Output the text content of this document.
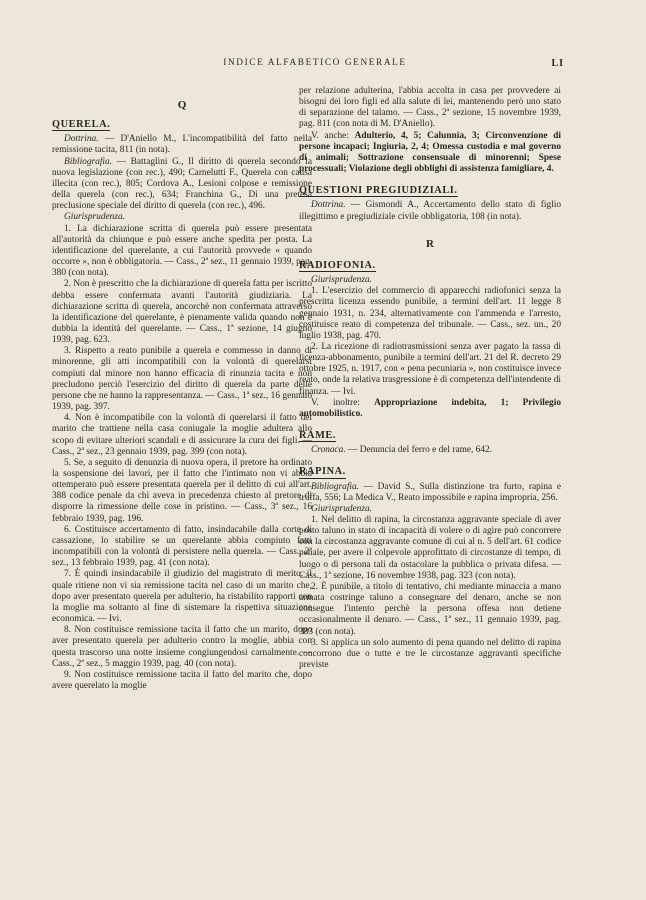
INDICE ALFABETICO GENERALE	LI
Q
QUERELA.

Dottrina. — D'Aniello M., L'incompatibilità del fatto nella remissione tacita, 811 (in nota).

Bibliografia. — Battaglini G., Il diritto di querela secondo la nuova legislazione (con rec.), 490; Carnelutti F., Querela con causa illecita (con rec.), 805; Cordova A., Lesioni colpose e remissione della querela (con rec.), 634; Franchina G., Di una pretesa preclusione speciale del diritto di querela (con rec.), 496.

Giurisprudenza.

1. La dichiarazione scritta di querela può essere presentata all'autorità da chiunque e può essere anche spedita per posta. La identificazione del querelante, a cui l'autorità provvede « quando occorre », non è obbligatoria. — Cass., 2ª sez., 11 gennaio 1939, pag. 380 (con nota).

2. Non è prescritto che la dichiarazione di querela fatta per iscritto debba essere confermata avanti l'autorità giudiziaria. La dichiarazione scritta di querela, ancorchè non confermata attraverso la identificazione del querelante, è pienamente valida quando non è dubbia la identità del querelante. — Cass., 1ª sezione, 14 giugno 1939, pag. 623.

3. Rispetto a reato punibile a querela e commesso in danno di minorenne, gli atti incompatibili con la volontà di querelarsi compiuti dal minore non hanno efficacia di rinunzia tacita e non precludono perciò l'esercizio del diritto di querela da parte delle persone che ne hanno la rappresentanza. — Cass., 1ª sez., 16 gennaio 1939, pag. 397.

4. Non è incompatibile con la volontà di querelarsi il fatto del marito che trattiene nella casa coniugale la moglie adultera allo scopo di evitare ulteriori scandali e di assicurare la cura dei figli. — Cass., 2ª sez., 23 gennaio 1939, pag. 399 (con nota).

5. Se, a seguito di denunzia di nuova opera, il pretore ha ordinato la sospensione dei lavori, per il fatto che l'intimato non vi abbia ottemperato può essere presentata querela per il delitto di cui all'art. 388 codice penale da chi aveva in precedenza chiesto al pretore di disporre la rimessione delle cose in pristino. — Cass., 3ª sez., 16 febbraio 1939, pag. 196.

6. Costituisce accertamento di fatto, insindacabile dalla corte di cassazione, lo stabilire se un querelante abbia compiuto fatti incompatibili con la volontà di persistere nella querela. — Cass., 2ª sez., 13 febbraio 1939, pag. 41 (con nota).

7. È quindi insindacabile il giudizio del magistrato di merito, il quale ritiene non vi sia remissione tacita nel caso di un marito che, dopo aver presentato querela per adulterio, ha ristabilito rapporti con la moglie ma soltanto al fine di sistemare la rispettiva situazione economica. — Ivi.

8. Non costituisce remissione tacita il fatto che un marito, dopo aver presentato querela per adulterio contro la moglie, abbia con questa trascorso una notte insieme congiungendosi carnalmente. — Cass., 2ª sez., 5 maggio 1939, pag. 40 (con nota).

9. Non costituisce remissione tacita il fatto del marito che, dopo avere querelato la moglie

per relazione adulterina, l'abbia accolta in casa per provvedere ai bisogni dei loro figli ed alla salute di lei, mantenendo però uno stato di separazione del talamo. — Cass., 2ª sezione, 15 novembre 1939, pag. 811 (con nota di M. D'Aniello).

V. anche: Adulterio, 4, 5; Calunnia, 3; Circonvenzione di persone incapaci; Ingiuria, 2, 4; Omessa custodia e mal governo di animali; Sottrazione consensuale di minorenni; Spese processuali; Violazione degli obblighi di assistenza famigliare, 4.

QUESTIONI PREGIUDIZIALI.

Dottrina. — Gismondi A., Accertamento dello stato di figlio illegittimo e pregiudiziale civile obbligatoria, 108 (in nota).

R
RADIOFONIA.

Giurisprudenza.

1. L'esercizio del commercio di apparecchi radiofonici senza la prescritta licenza essendo punibile, a termini dell'art. 11 legge 8 gennaio 1931, n. 234, alternativamente con l'ammenda e l'arresto, costituisce reato di competenza del tribunale. — Cass., sez. un., 20 luglio 1938, pag. 470.

2. La ricezione di radiotrasmissioni senza aver pagato la tassa di licenza-abbonamento, punibile a termini dell'art. 21 del R. decreto 29 ottobre 1925, n. 1917, con « pena pecuniaria », non costituisce invece reato, onde la relativa trasgressione è di competenza dell'intendente di finanza. — Ivi.

V. inoltre: Appropriazione indebita, 1; Privilegio automobilistico.

RAME.

Cronaca. — Denuncia del ferro e del rame, 642.

RAPINA.

Bibliografia. — David S., Sulla distinzione tra furto, rapina e truffa, 556; La Medica V., Reato impossibile e rapina impropria, 256.

Giurisprudenza.

1. Nel delitto di rapina, la circostanza aggravante speciale di aver posto taluno in stato di incapacità di volere o di agire può concorrere con la circostanza aggravante comune di cui al n. 5 dell'art. 61 codice penale, per avere il colpevole approfittato di circostanze di tempo, di luogo o di persona tali da ostacolare la pubblica o privata difesa. — Cass., 1ª sezione, 16 novembre 1938, pag. 323 (con nota).

2. È punibile, a titolo di tentativo, chi mediante minaccia a mano armata costringe taluno a consegnare del denaro, anche se non consegue l'intento perchè la persona offesa non detiene occasionalmente il denaro. — Cass., 1ª sez., 11 gennaio 1939, pag. 383 (con nota).

3. Si applica un solo aumento di pena quando nel delitto di rapina concorrono due o tutte e tre le circostanze aggravanti specifiche previste
